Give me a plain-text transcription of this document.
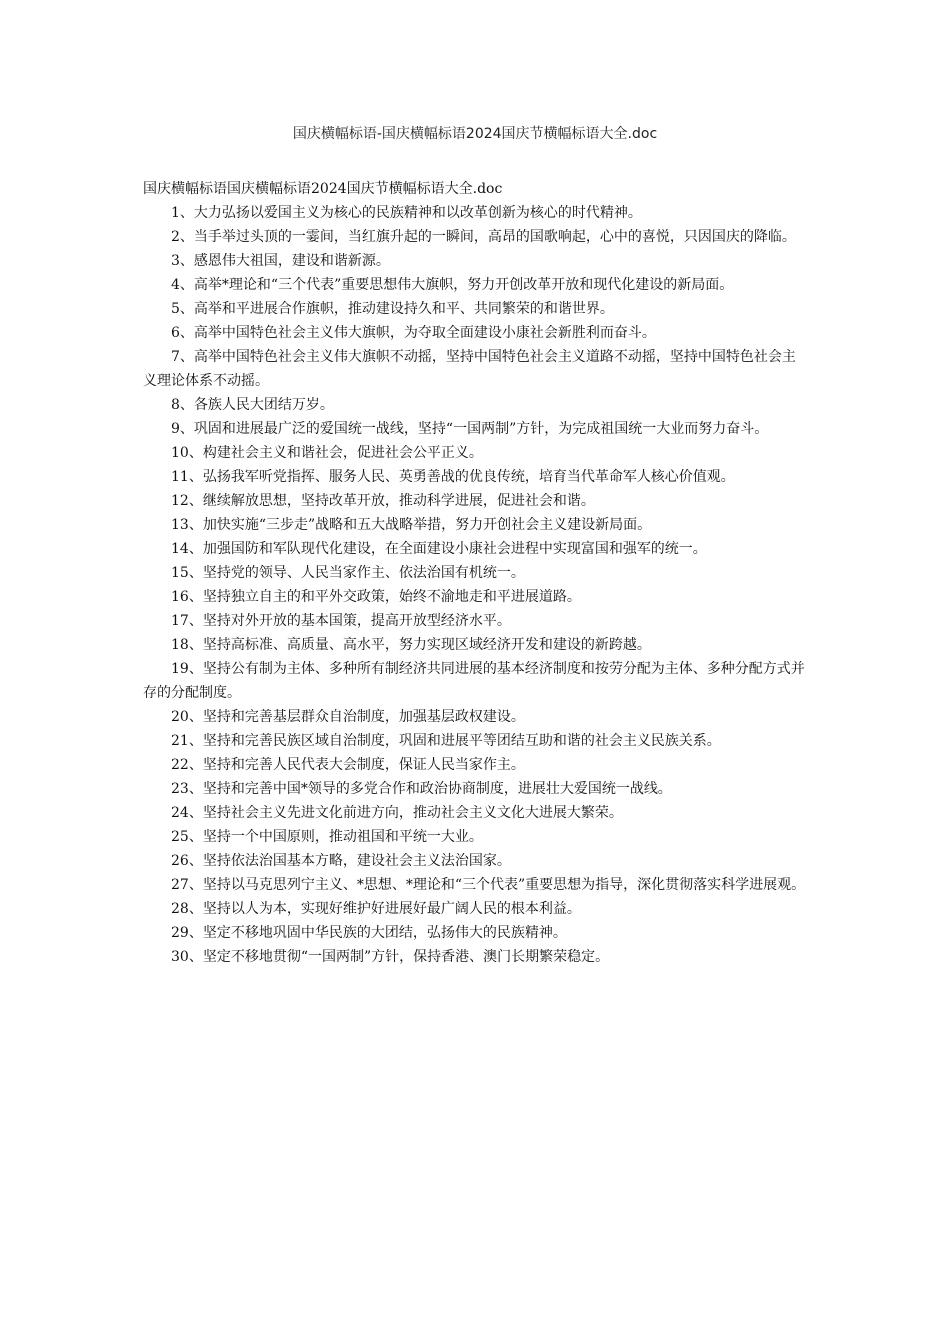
国庆横幅标语-国庆横幅标语2024国庆节横幅标语大全.doc
国庆横幅标语国庆横幅标语2024国庆节横幅标语大全.doc
1、大力弘扬以爱国主义为核心的民族精神和以改革创新为核心的时代精神。
2、当手举过头顶的一霎间，当红旗升起的一瞬间，高昂的国歌响起，心中的喜悦，只因国庆的降临。
3、感恩伟大祖国，建设和谐新源。
4、高举*理论和“三个代表”重要思想伟大旗帜，努力开创改革开放和现代化建设的新局面。
5、高举和平进展合作旗帜，推动建设持久和平、共同繁荣的和谐世界。
6、高举中国特色社会主义伟大旗帜，为夺取全面建设小康社会新胜利而奋斗。
7、高举中国特色社会主义伟大旗帜不动摇，坚持中国特色社会主义道路不动摇，坚持中国特色社会主义理论体系不动摇。
8、各族人民大团结万岁。
9、巩固和进展最广泛的爱国统一战线，坚持“一国两制”方针，为完成祖国统一大业而努力奋斗。
10、构建社会主义和谐社会，促进社会公平正义。
11、弘扬我军听党指挥、服务人民、英勇善战的优良传统，培育当代革命军人核心价值观。
12、继续解放思想，坚持改革开放，推动科学进展，促进社会和谐。
13、加快实施“三步走”战略和五大战略举措，努力开创社会主义建设新局面。
14、加强国防和军队现代化建设，在全面建设小康社会进程中实现富国和强军的统一。
15、坚持党的领导、人民当家作主、依法治国有机统一。
16、坚持独立自主的和平外交政策，始终不渝地走和平进展道路。
17、坚持对外开放的基本国策，提高开放型经济水平。
18、坚持高标准、高质量、高水平，努力实现区域经济开发和建设的新跨越。
19、坚持公有制为主体、多种所有制经济共同进展的基本经济制度和按劳分配为主体、多种分配方式并存的分配制度。
20、坚持和完善基层群众自治制度，加强基层政权建设。
21、坚持和完善民族区域自治制度，巩固和进展平等团结互助和谐的社会主义民族关系。
22、坚持和完善人民代表大会制度，保证人民当家作主。
23、坚持和完善中国*领导的多党合作和政治协商制度，进展壮大爱国统一战线。
24、坚持社会主义先进文化前进方向，推动社会主义文化大进展大繁荣。
25、坚持一个中国原则，推动祖国和平统一大业。
26、坚持依法治国基本方略，建设社会主义法治国家。
27、坚持以马克思列宁主义、*思想、*理论和“三个代表”重要思想为指导，深化贯彻落实科学进展观。
28、坚持以人为本，实现好维护好进展好最广阔人民的根本利益。
29、坚定不移地巩固中华民族的大团结，弘扬伟大的民族精神。
30、坚定不移地贯彻“一国两制”方针，保持香港、澳门长期繁荣稳定。
